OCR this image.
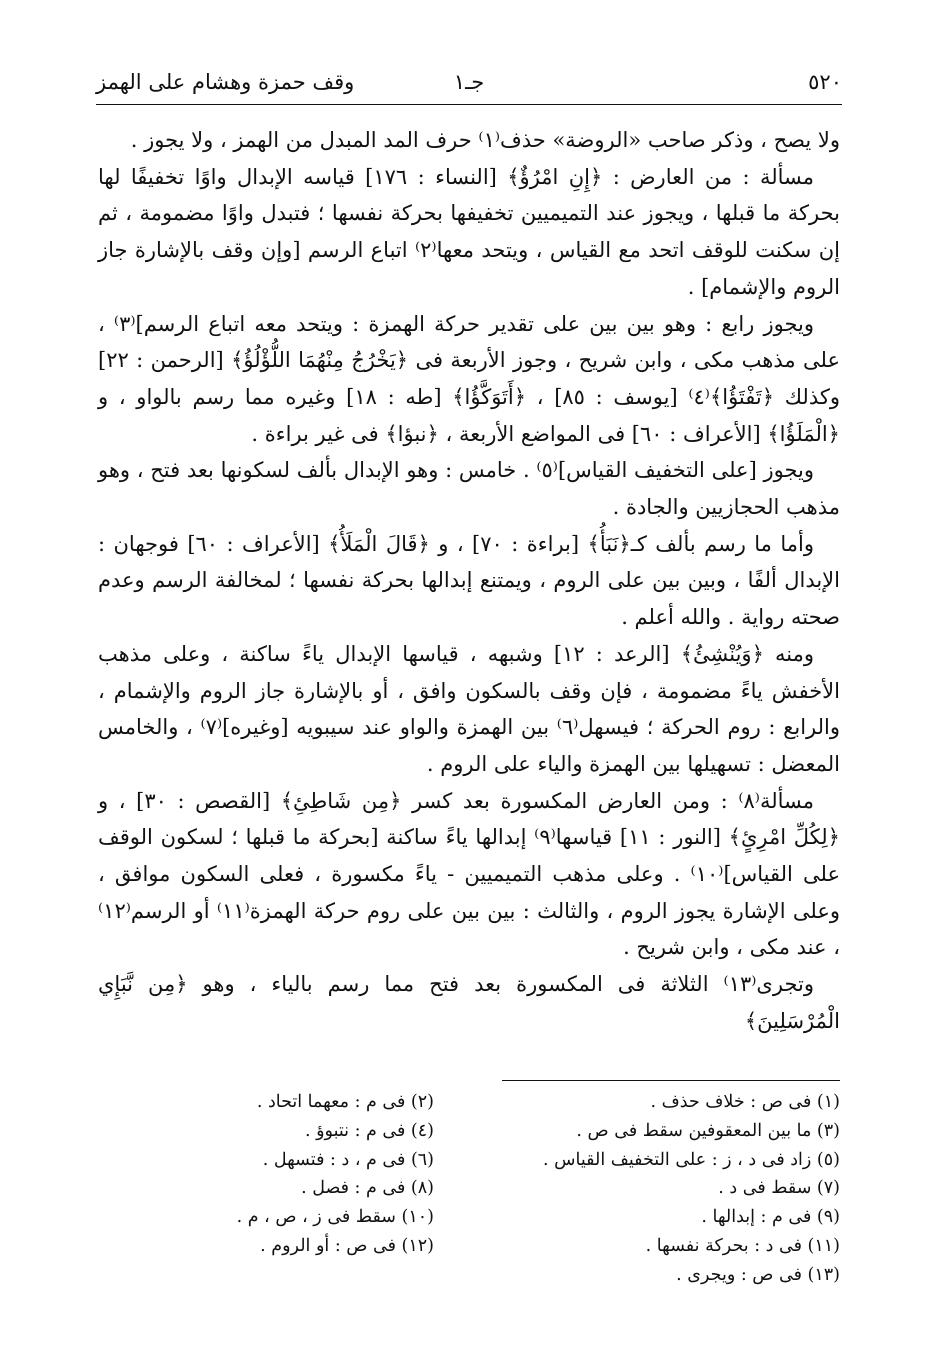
٥٢٠
جـ١
وقف حمزة وهشام على الهمز

ولا يصح ، وذكر صاحب «الروضة» حذف⁽١⁾ حرف المد المبدل من الهمز ، ولا يجوز .

مسألة : من العارض : ﴿إِنِ امْرُؤٌ﴾ [النساء : ١٧٦] قياسه الإبدال واوًا تخفيفًا لها بحركة ما قبلها ، ويجوز عند التميميين تخفيفها بحركة نفسها ؛ فتبدل واوًا مضمومة ، ثم إن سكنت للوقف اتحد مع القياس ، ويتحد معها⁽٢⁾ اتباع الرسم [وإن وقف بالإشارة جاز الروم والإشمام] .

ويجوز رابع : وهو بين بين على تقدير حركة الهمزة : ويتحد معه اتباع الرسم]⁽٣⁾ ، على مذهب مكى ، وابن شريح ، وجوز الأربعة فى ﴿يَخْرُجُ مِنْهُمَا اللُّؤْلُؤُ﴾ [الرحمن : ٢٢] وكذلك ﴿تَفْتَؤُا﴾⁽٤⁾ [يوسف : ٨٥] ، ﴿أَتَوَكَّؤُا﴾ [طه : ١٨] وغيره مما رسم بالواو ، و ﴿الْمَلَؤُا﴾ [الأعراف : ٦٠] فى المواضع الأربعة ، ﴿نبؤا﴾ فى غير براءة .

ويجوز [على التخفيف القياس]⁽٥⁾ . خامس : وهو الإبدال بألف لسكونها بعد فتح ، وهو مذهب الحجازيين والجادة .

وأما ما رسم بألف كـ﴿نَبَأُ﴾ [براءة : ٧٠] ، و ﴿قَالَ الْمَلَأُ﴾ [الأعراف : ٦٠] فوجهان : الإبدال ألفًا ، وبين بين على الروم ، ويمتنع إبدالها بحركة نفسها ؛ لمخالفة الرسم وعدم صحته رواية . والله أعلم .

ومنه ﴿وَيُنْشِئُ﴾ [الرعد : ١٢] وشبهه ، قياسها الإبدال ياءً ساكنة ، وعلى مذهب الأخفش ياءً مضمومة ، فإن وقف بالسكون وافق ، أو بالإشارة جاز الروم والإشمام ، والرابع : روم الحركة ؛ فيسهل⁽٦⁾ بين الهمزة والواو عند سيبويه [وغيره]⁽٧⁾ ، والخامس المعضل : تسهيلها بين الهمزة والياء على الروم .

مسألة⁽٨⁾ : ومن العارض المكسورة بعد كسر ﴿مِن شَاطِئِ﴾ [القصص : ٣٠] ، و ﴿لِكُلِّ امْرِئٍ﴾ [النور : ١١] قياسها⁽٩⁾ إبدالها ياءً ساكنة [بحركة ما قبلها ؛ لسكون الوقف على القياس]⁽١٠⁾ . وعلى مذهب التميميين - ياءً مكسورة ، فعلى السكون موافق ، وعلى الإشارة يجوز الروم ، والثالث : بين بين على روم حركة الهمزة⁽١١⁾ أو الرسم⁽١٢⁾ ، عند مكى ، وابن شريح .

وتجرى⁽١٣⁾ الثلاثة فى المكسورة بعد فتح مما رسم بالياء ، وهو ﴿مِن نَّبَإِي الْمُرْسَلِينَ﴾

(١) فى ص : خلاف حذف .
(٢) فى م : معهما اتحاد .
(٣) ما بين المعقوفين سقط فى ص .
(٤) فى م : نتبوؤ .
(٥) زاد فى د ، ز : على التخفيف القياس .
(٦) فى م ، د : فتسهل .
(٧) سقط فى د .
(٨) فى م : فصل .
(٩) فى م : إبدالها .
(١٠) سقط فى ز ، ص ، م .
(١١) فى د : بحركة نفسها .
(١٢) فى ص : أو الروم .
(١٣) فى ص : ويجرى .
